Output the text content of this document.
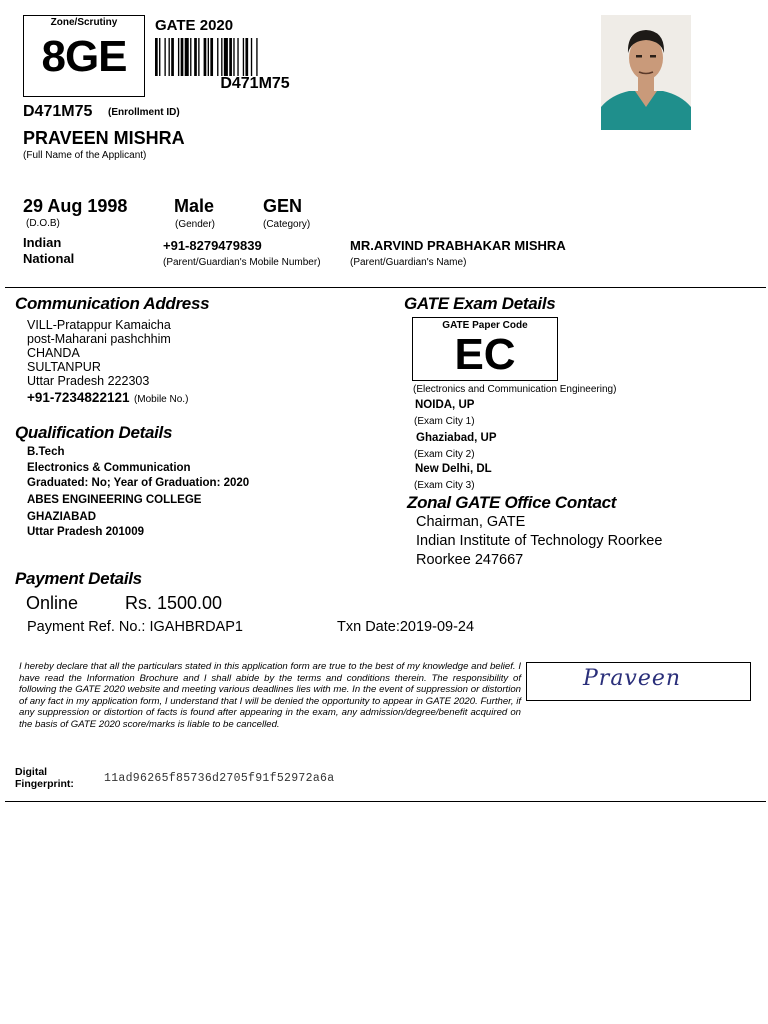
Zone/Scrutiny
8GE
GATE 2020
D471M75
D471M75 (Enrollment ID)
PRAVEEN MISHRA
(Full Name of the Applicant)
29 Aug 1998
(D.O.B)
Male
(Gender)
GEN
(Category)
Indian
National
+91-8279479839
(Parent/Guardian's Mobile Number)
MR.ARVIND PRABHAKAR MISHRA
(Parent/Guardian's Name)
Communication Address
VILL-Pratappur Kamaicha
post-Maharani pashchhim
CHANDA
SULTANPUR
Uttar Pradesh 222303
+91-7234822121 (Mobile No.)
Qualification Details
B.Tech
Electronics & Communication
Graduated: No; Year of Graduation: 2020
ABES ENGINEERING COLLEGE
GHAZIABAD
Uttar Pradesh 201009
GATE Exam Details
GATE Paper Code
EC
(Electronics and Communication Engineering)
NOIDA, UP
(Exam City 1)
Ghaziabad, UP
(Exam City 2)
New Delhi, DL
(Exam City 3)
Zonal GATE Office Contact
Chairman, GATE
Indian Institute of Technology Roorkee
Roorkee 247667
Payment Details
Online	Rs. 1500.00
Payment Ref. No.: IGAHBRDAP1	Txn Date:2019-09-24
I hereby declare that all the particulars stated in this application form are true to the best of my knowledge and belief. I have read the Information Brochure and I shall abide by the terms and conditions therein. The responsibility of following the GATE 2020 website and meeting various deadlines lies with me. In the event of suppression or distortion of any fact in my application form, I understand that I will be denied the opportunity to appear in GATE 2020. Further, if any suppression or distortion of facts is found after appearing in the exam, any admission/degree/benefit acquired on the basis of GATE 2020 score/marks is liable to be cancelled.
Praveen
Digital
Fingerprint:	11ad96265f85736d2705f91f52972a6a
